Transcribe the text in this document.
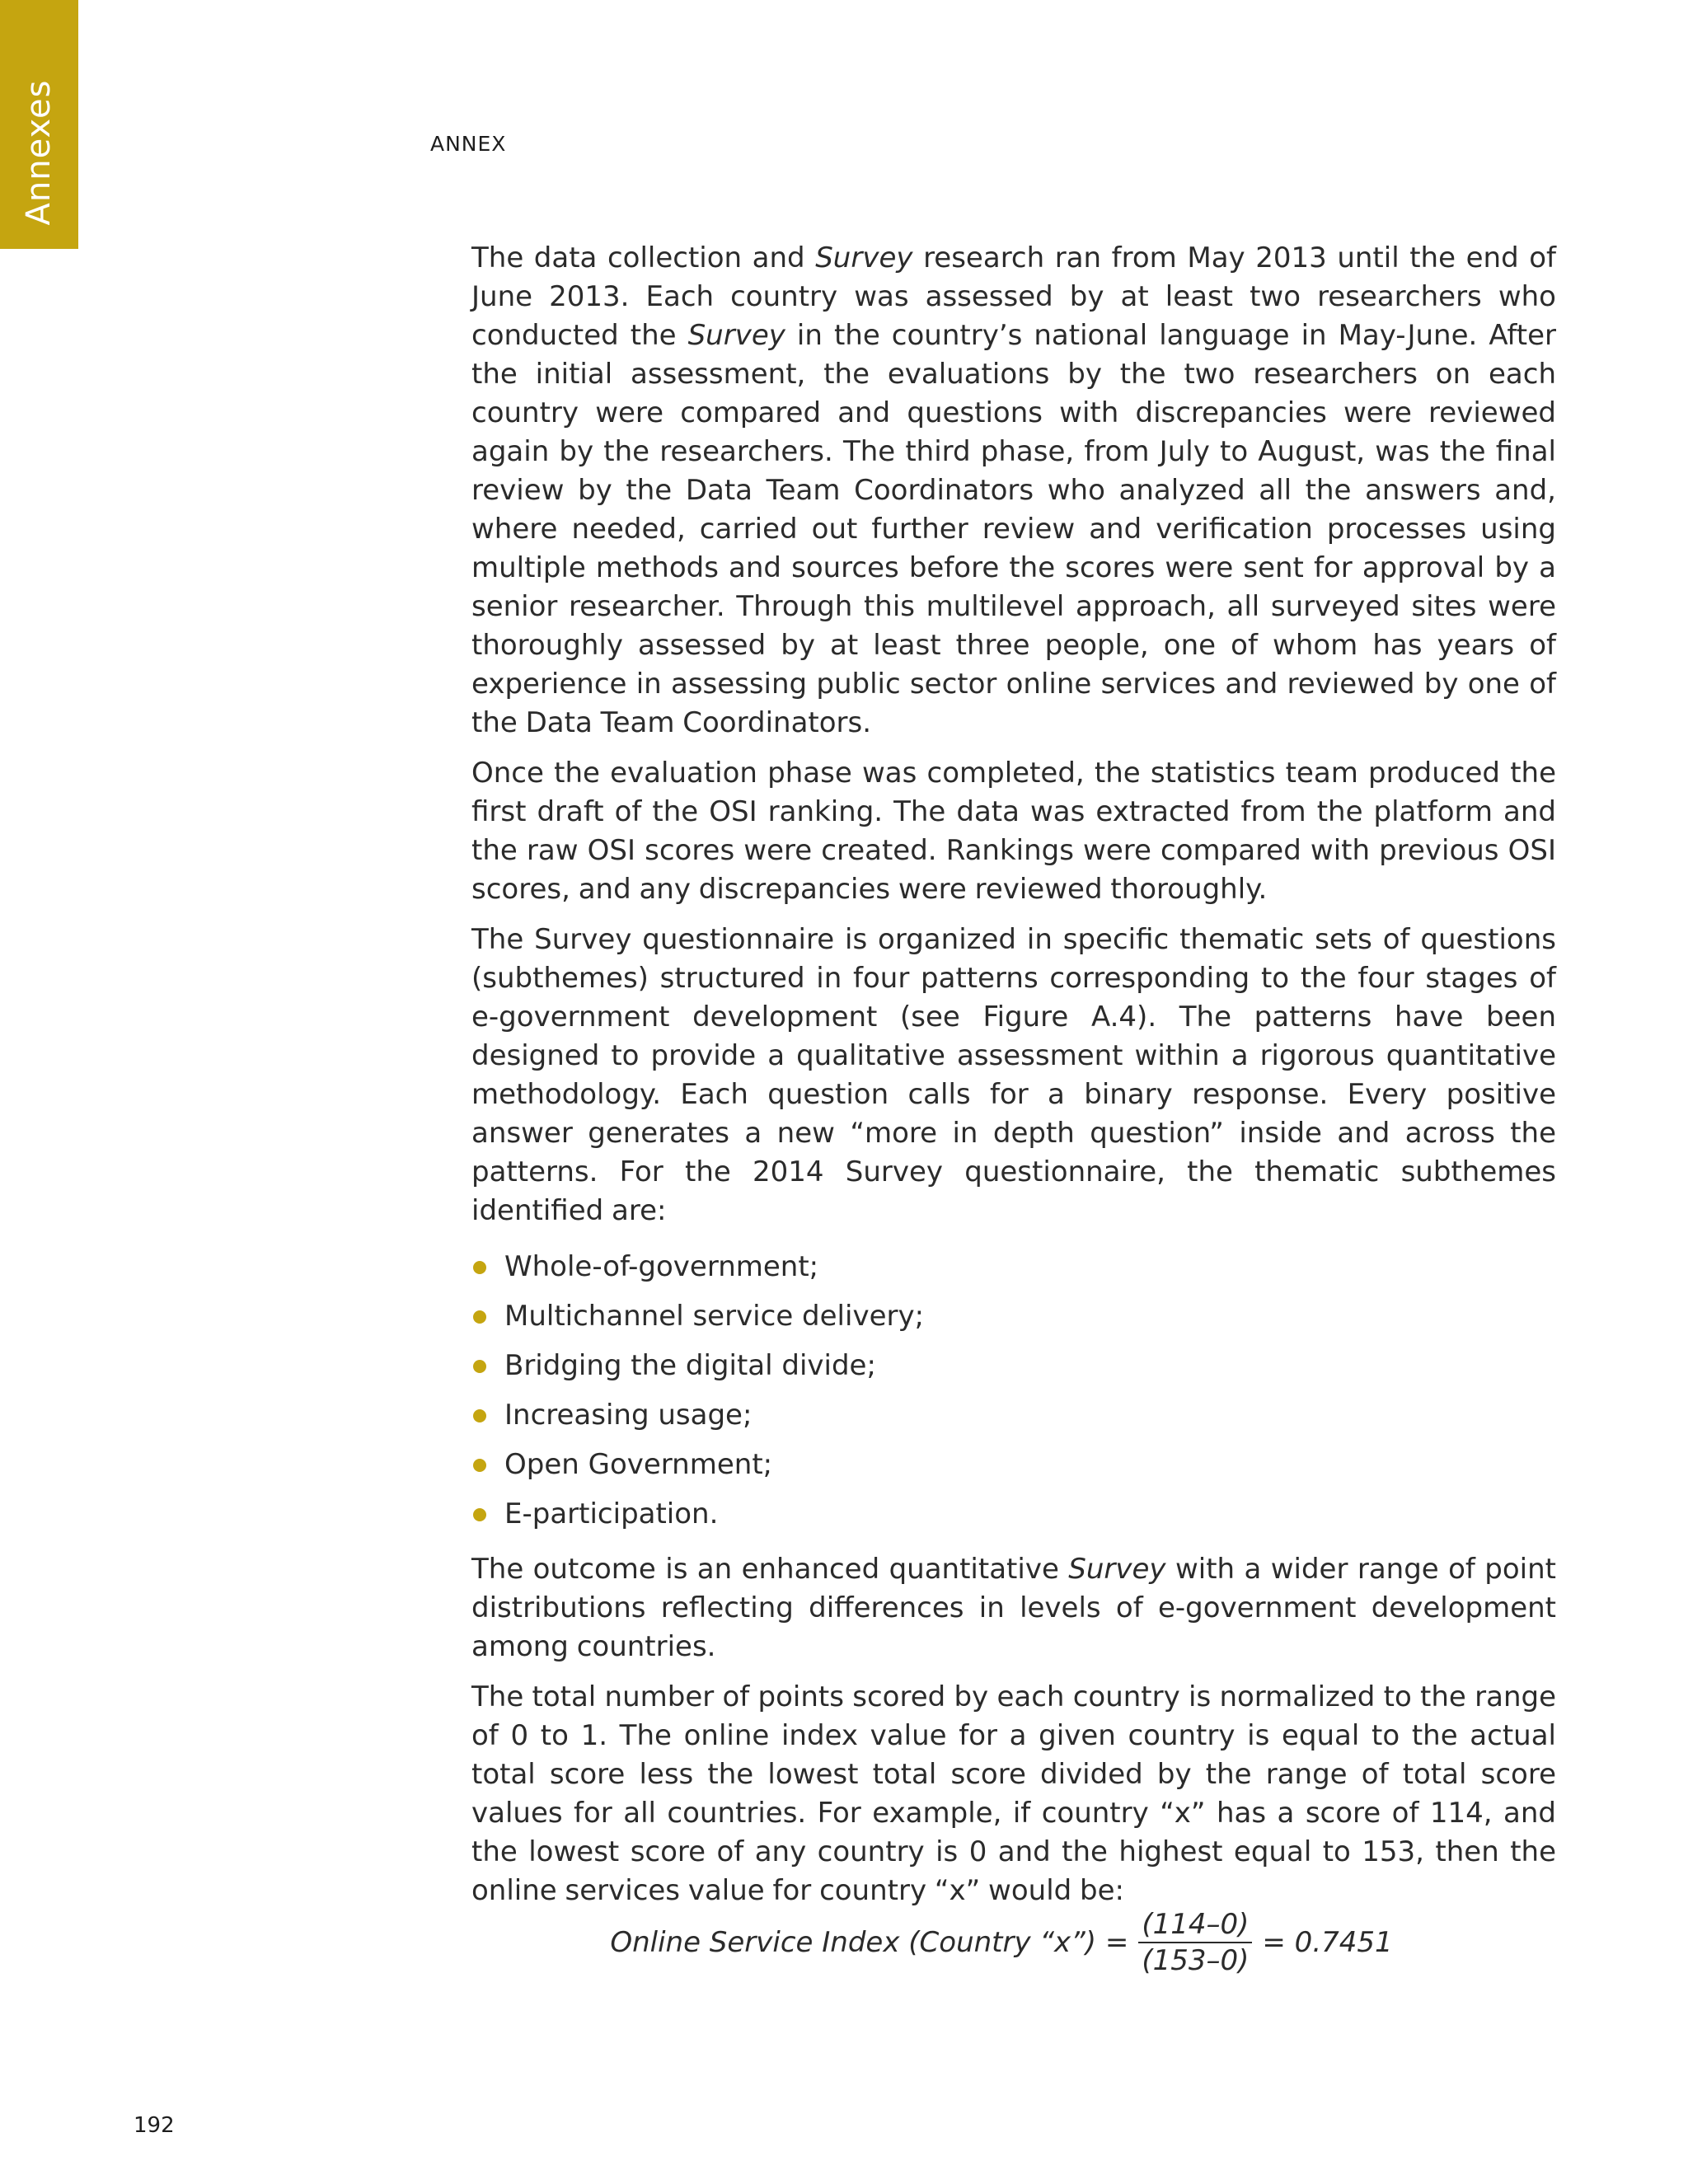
Annexes	ANNEX

The data collection and Survey research ran from May 2013 until the end of June 2013. Each country was assessed by at least two researchers who conducted the Survey in the country’s national language in May-June. After the initial assessment, the evaluations by the two researchers on each country were compared and questions with discrepancies were reviewed again by the researchers. The third phase, from July to August, was the final review by the Data Team Coordinators who analyzed all the answers and, where needed, carried out further review and verification processes using multiple methods and sources before the scores were sent for approval by a senior researcher. Through this multilevel approach, all surveyed sites were thoroughly assessed by at least three people, one of whom has years of experience in assessing public sector online services and reviewed by one of the Data Team Coordinators.

Once the evaluation phase was completed, the statistics team produced the first draft of the OSI ranking. The data was extracted from the platform and the raw OSI scores were created. Rankings were compared with previous OSI scores, and any discrepancies were reviewed thoroughly.

The Survey questionnaire is organized in specific thematic sets of questions (subthemes) structured in four patterns corresponding to the four stages of e-government development (see Figure A.4). The patterns have been designed to provide a qualitative assessment within a rigorous quantitative methodology. Each question calls for a binary response. Every positive answer generates a new “more in depth question” inside and across the patterns. For the 2014 Survey questionnaire, the thematic subthemes identified are:

Whole-of-government;
Multichannel service delivery;
Bridging the digital divide;
Increasing usage;
Open Government;
E-participation.

The outcome is an enhanced quantitative Survey with a wider range of point distributions reflecting differences in levels of e-government development among countries.

The total number of points scored by each country is normalized to the range of 0 to 1. The online index value for a given country is equal to the actual total score less the lowest total score divided by the range of total score values for all countries. For example, if country “x” has a score of 114, and the lowest score of any country is 0 and the highest equal to 153, then the online services value for country “x” would be:

Online Service Index (Country “x”) = $\frac{(114-0)}{(153-0)} = 0.7451$
192
